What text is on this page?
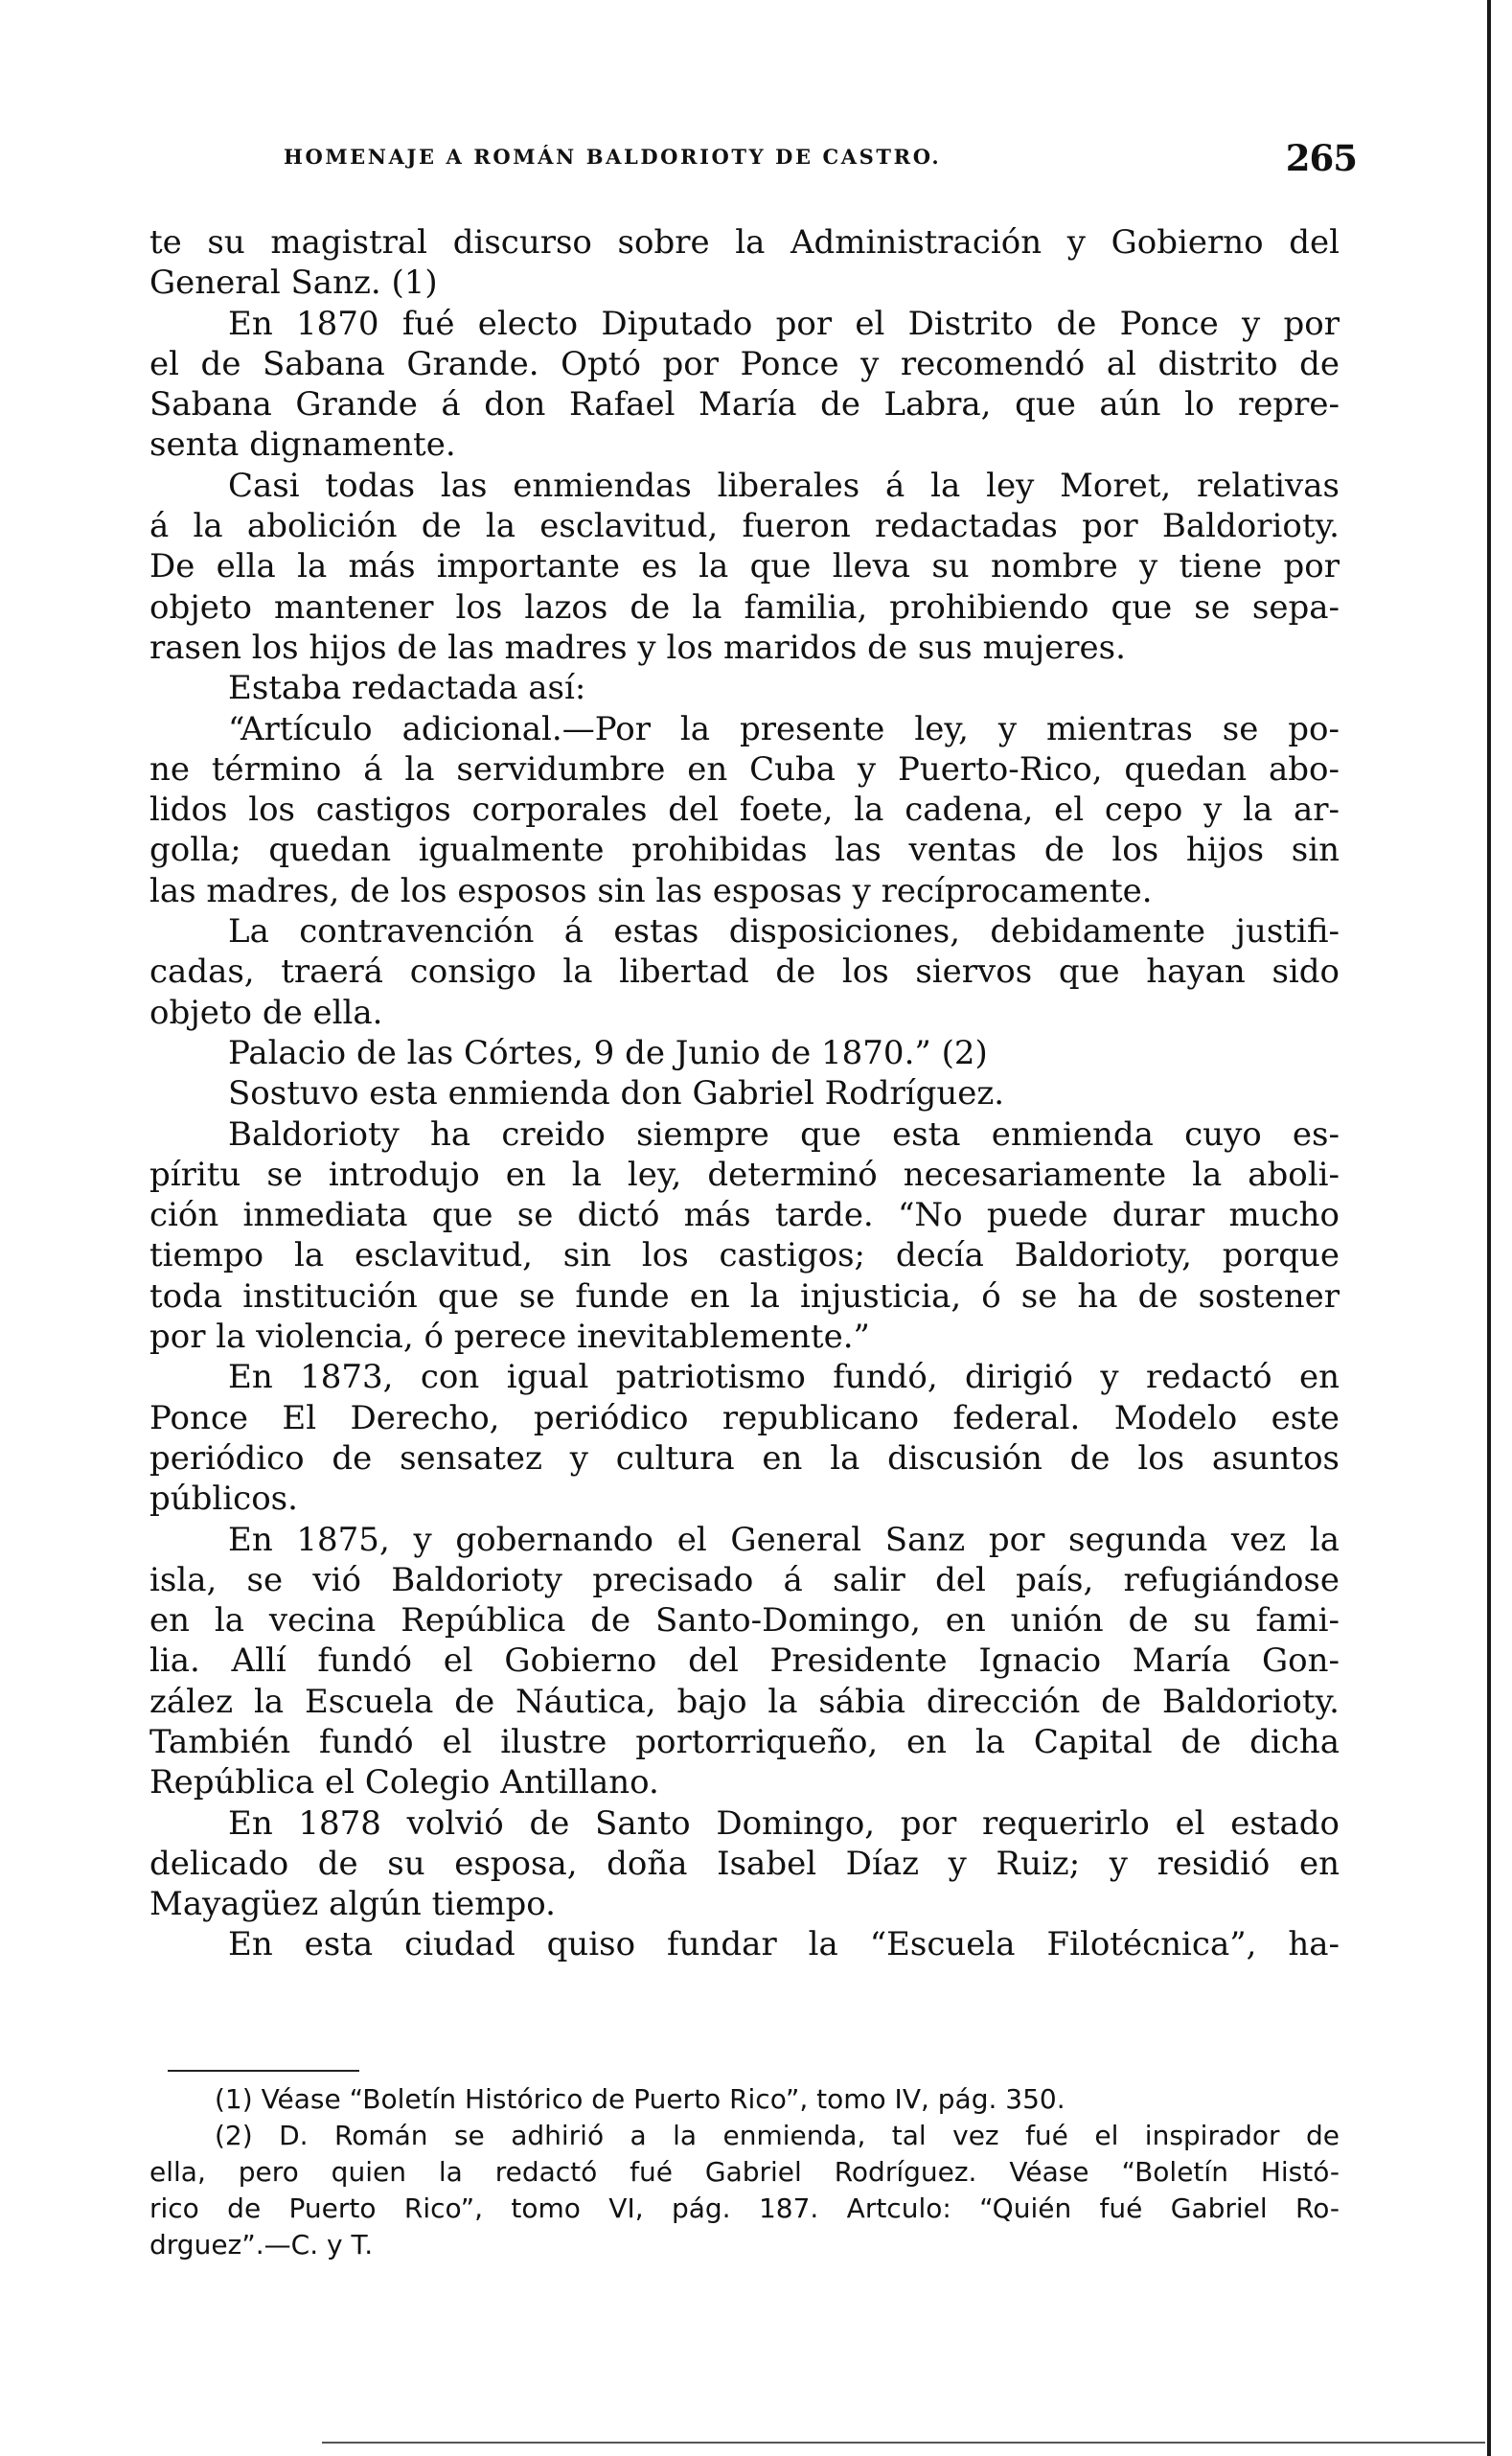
HOMENAJE A ROMÁN BALDORIOTY DE CASTRO.	265
te su magistral discurso sobre la Administración y Gobierno del
General Sanz. (1)
En 1870 fué electo Diputado por el Distrito de Ponce y por
el de Sabana Grande. Optó por Ponce y recomendó al distrito de
Sabana Grande á don Rafael María de Labra, que aún lo repre-
senta dignamente.
Casi todas las enmiendas liberales á la ley Moret, relativas
á la abolición de la esclavitud, fueron redactadas por Baldorioty.
De ella la más importante es la que lleva su nombre y tiene por
objeto mantener los lazos de la familia, prohibiendo que se sepa-
rasen los hijos de las madres y los maridos de sus mujeres.
Estaba redactada así:
“Artículo adicional.—Por la presente ley, y mientras se po-
ne término á la servidumbre en Cuba y Puerto-Rico, quedan abo-
lidos los castigos corporales del foete, la cadena, el cepo y la ar-
golla; quedan igualmente prohibidas las ventas de los hijos sin
las madres, de los esposos sin las esposas y recíprocamente.
La contravención á estas disposiciones, debidamente justifi-
cadas, traerá consigo la libertad de los siervos que hayan sido
objeto de ella.
Palacio de las Córtes, 9 de Junio de 1870.” (2)
Sostuvo esta enmienda don Gabriel Rodríguez.
Baldorioty ha creido siempre que esta enmienda cuyo es-
píritu se introdujo en la ley, determinó necesariamente la aboli-
ción inmediata que se dictó más tarde. “No puede durar mucho
tiempo la esclavitud, sin los castigos; decía Baldorioty, porque
toda institución que se funde en la injusticia, ó se ha de sostener
por la violencia, ó perece inevitablemente.”
En 1873, con igual patriotismo fundó, dirigió y redactó en
Ponce El Derecho, periódico republicano federal. Modelo este
periódico de sensatez y cultura en la discusión de los asuntos
públicos.
En 1875, y gobernando el General Sanz por segunda vez la
isla, se vió Baldorioty precisado á salir del país, refugiándose
en la vecina República de Santo-Domingo, en unión de su fami-
lia. Allí fundó el Gobierno del Presidente Ignacio María Gon-
zález la Escuela de Náutica, bajo la sábia dirección de Baldorioty.
También fundó el ilustre portorriqueño, en la Capital de dicha
República el Colegio Antillano.
En 1878 volvió de Santo Domingo, por requerirlo el estado
delicado de su esposa, doña Isabel Díaz y Ruiz; y residió en
Mayagüez algún tiempo.
En esta ciudad quiso fundar la “Escuela Filotécnica”, ha-
(1) Véase “Boletín Histórico de Puerto Rico”, tomo IV, pág. 350.
(2) D. Román se adhirió a la enmienda, tal vez fué el inspirador de
ella, pero quien la redactó fué Gabriel Rodríguez. Véase “Boletín Histó-
rico de Puerto Rico”, tomo VI, pág. 187. Artculo: “Quién fué Gabriel Ro-
drguez”.—C. y T.
